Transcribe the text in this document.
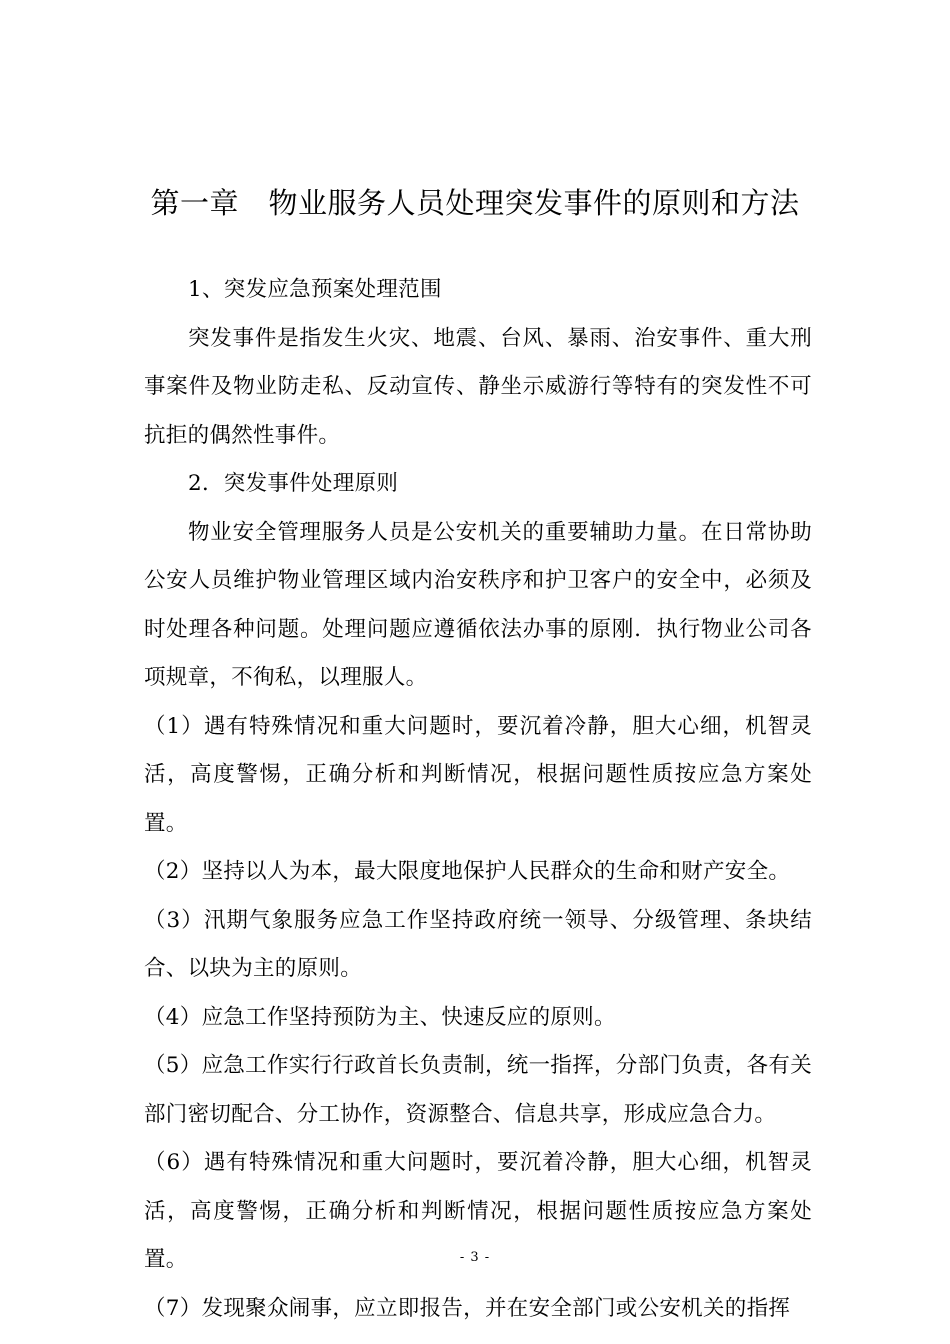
第一章　物业服务人员处理突发事件的原则和方法

1、突发应急预案处理范围

突发事件是指发生火灾、地震、台风、暴雨、治安事件、重大刑事案件及物业防走私、反动宣传、静坐示威游行等特有的突发性不可抗拒的偶然性事件。

2．突发事件处理原则

物业安全管理服务人员是公安机关的重要辅助力量。在日常协助公安人员维护物业管理区域内治安秩序和护卫客户的安全中，必须及时处理各种问题。处理问题应遵循依法办事的原刚．执行物业公司各项规章，不徇私，以理服人。

（1）遇有特殊情况和重大问题时，要沉着冷静，胆大心细，机智灵活，高度警惕，正确分析和判断情况，根据问题性质按应急方案处置。

（2）坚持以人为本，最大限度地保护人民群众的生命和财产安全。

（3）汛期气象服务应急工作坚持政府统一领导、分级管理、条块结合、以块为主的原则。

（4）应急工作坚持预防为主、快速反应的原则。

（5）应急工作实行行政首长负责制，统一指挥，分部门负责，各有关部门密切配合、分工协作，资源整合、信息共享，形成应急合力。

（6）遇有特殊情况和重大问题时，要沉着冷静，胆大心细，机智灵活，高度警惕，正确分析和判断情况，根据问题性质按应急方案处置。

（7）发现聚众闹事，应立即报告，并在安全部门或公安机关的指挥

- 3 -
